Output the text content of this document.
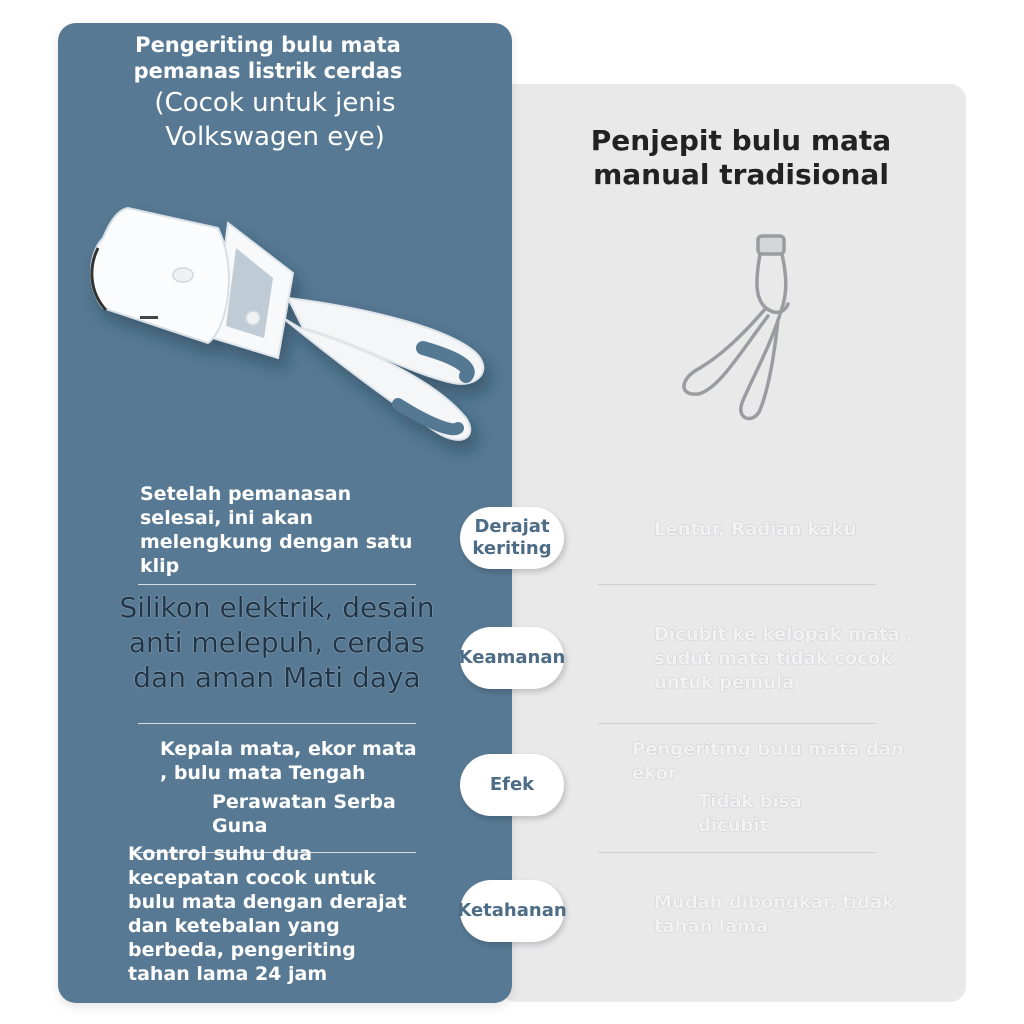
Pengeriting bulu mata pemanas listrik cerdas
(Cocok untuk jenis Volkswagen eye)	Penjepit bulu mata manual tradisional
Setelah pemanasan selesai, ini akan melengkung dengan satu klip
Silikon elektrik, desain anti melepuh, cerdas dan aman Mati daya
Kepala mata, ekor mata , bulu mata Tengah
Perawatan Serba Guna
Kontrol suhu dua kecepatan cocok untuk bulu mata dengan derajat dan ketebalan yang berbeda, pengeriting tahan lama 24 jam
Derajat keriting
Keamanan
Efek
Ketahanan
Lentur, Radian kaku
Dicubit ke kelopak mata , sudut mata tidak cocok untuk pemula
Pengeriting bulu mata dan ekor
Tidak bisa dicubit
Mudah dibongkar, tidak tahan lama
